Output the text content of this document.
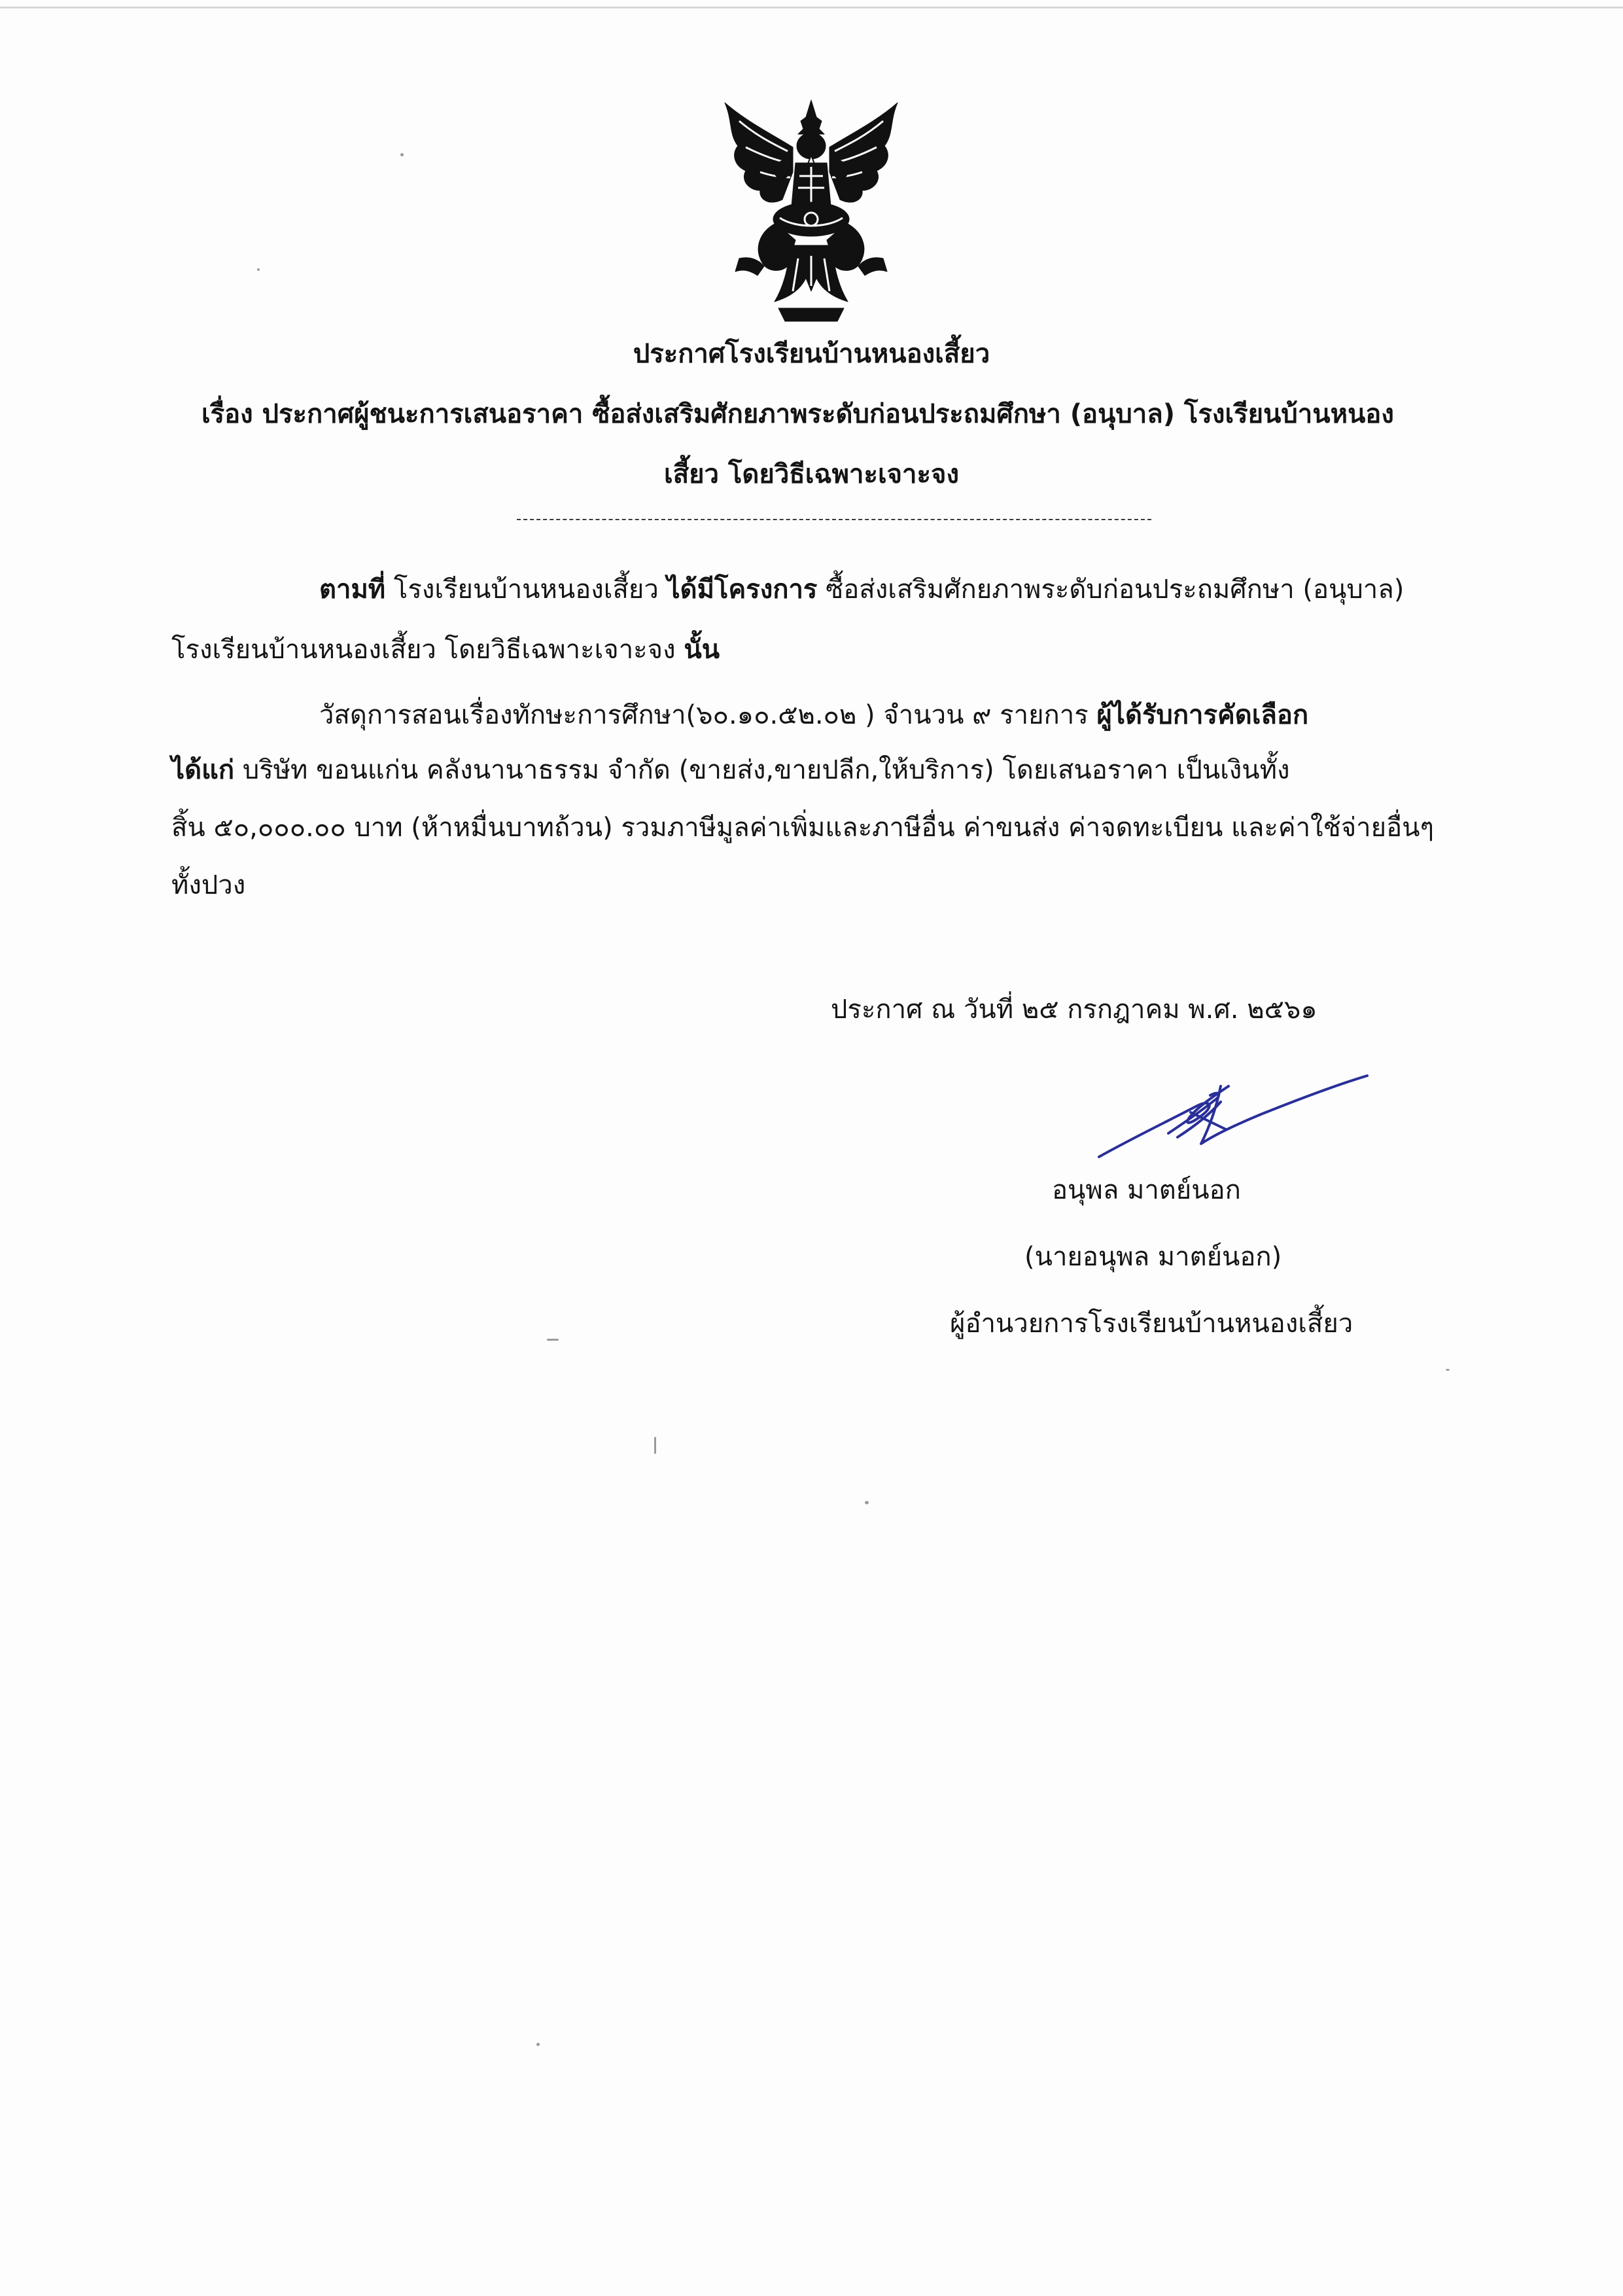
ประกาศโรงเรียนบ้านหนองเสี้ยว
เรื่อง ประกาศผู้ชนะการเสนอราคา ซื้อส่งเสริมศักยภาพระดับก่อนประถมศึกษา (อนุบาล) โรงเรียนบ้านหนอง
เสี้ยว โดยวิธีเฉพาะเจาะจง
ตามที่ โรงเรียนบ้านหนองเสี้ยว ได้มีโครงการ ซื้อส่งเสริมศักยภาพระดับก่อนประถมศึกษา (อนุบาล)
โรงเรียนบ้านหนองเสี้ยว โดยวิธีเฉพาะเจาะจง นั้น
วัสดุการสอนเรื่องทักษะการศึกษา(๖๐.๑๐.๕๒.๐๒ ) จำนวน ๙ รายการ ผู้ได้รับการคัดเลือก
ได้แก่ บริษัท ขอนแก่น คลังนานาธรรม จำกัด (ขายส่ง,ขายปลีก,ให้บริการ) โดยเสนอราคา เป็นเงินทั้ง
สิ้น ๕๐,๐๐๐.๐๐ บาท (ห้าหมื่นบาทถ้วน) รวมภาษีมูลค่าเพิ่มและภาษีอื่น ค่าขนส่ง ค่าจดทะเบียน และค่าใช้จ่ายอื่นๆ
ทั้งปวง
ประกาศ ณ วันที่ ๒๕ กรกฎาคม พ.ศ. ๒๕๖๑
อนุพล มาตย์นอก
(นายอนุพล มาตย์นอก)
ผู้อำนวยการโรงเรียนบ้านหนองเสี้ยว
